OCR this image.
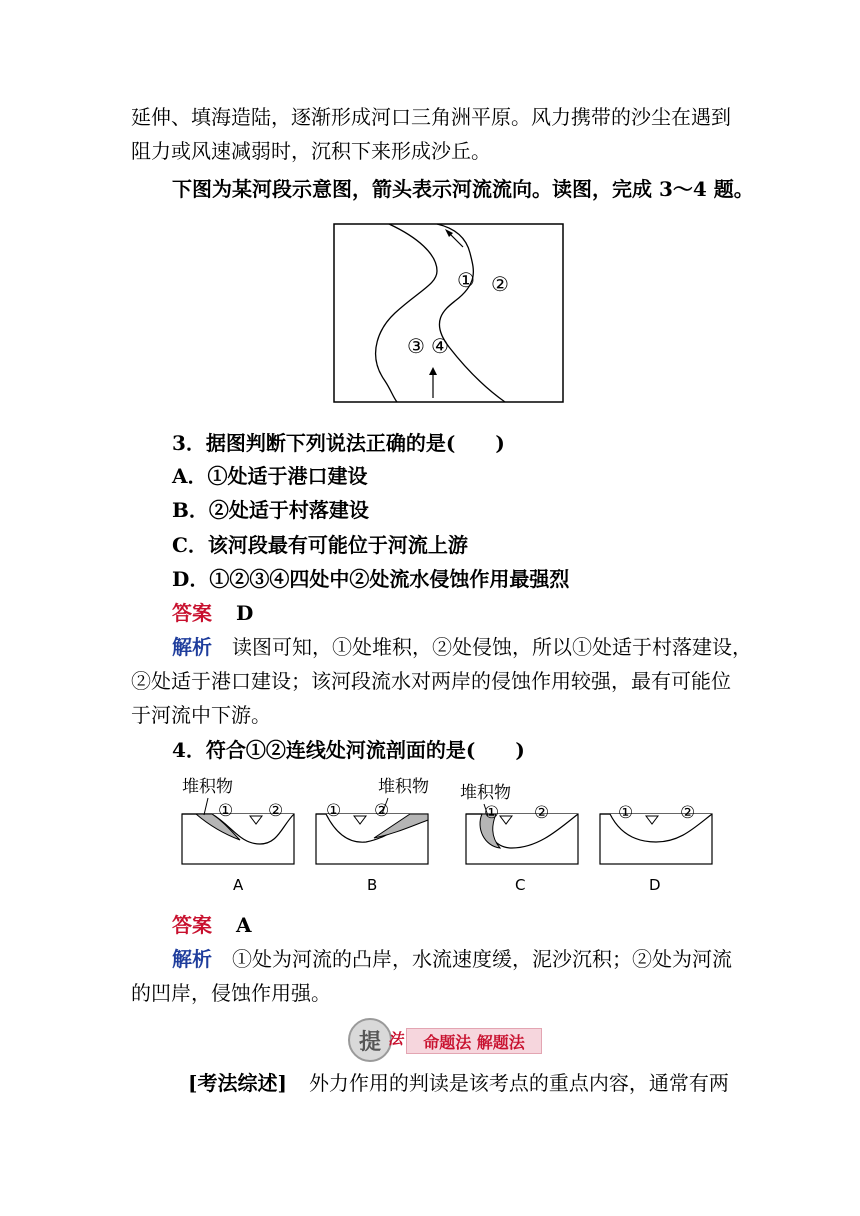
延伸、填海造陆，逐渐形成河口三角洲平原。风力携带的沙尘在遇到
阻力或风速减弱时，沉积下来形成沙丘。
下图为某河段示意图，箭头表示河流流向。读图，完成 3～4 题。
① ②
③ ④
3．据图判断下列说法正确的是(　　)
A．①处适于港口建设
B．②处适于村落建设
C．该河段最有可能位于河流上游
D．①②③④四处中②处流水侵蚀作用最强烈
答案 D
解析 读图可知，①处堆积，②处侵蚀，所以①处适于村落建设，
②处适于港口建设；该河段流水对两岸的侵蚀作用较强，最有可能位
于河流中下游。
4．符合①②连线处河流剖面的是(　　)
堆积物
① ②
A
堆积物
① ②
B
堆积物
① ②
C
①	②
D
答案 A
解析 ①处为河流的凸岸，水流速度缓，泥沙沉积；②处为河流
的凹岸，侵蚀作用强。
提 法 命题法 解题法
[考法综述] 外力作用的判读是该考点的重点内容，通常有两
